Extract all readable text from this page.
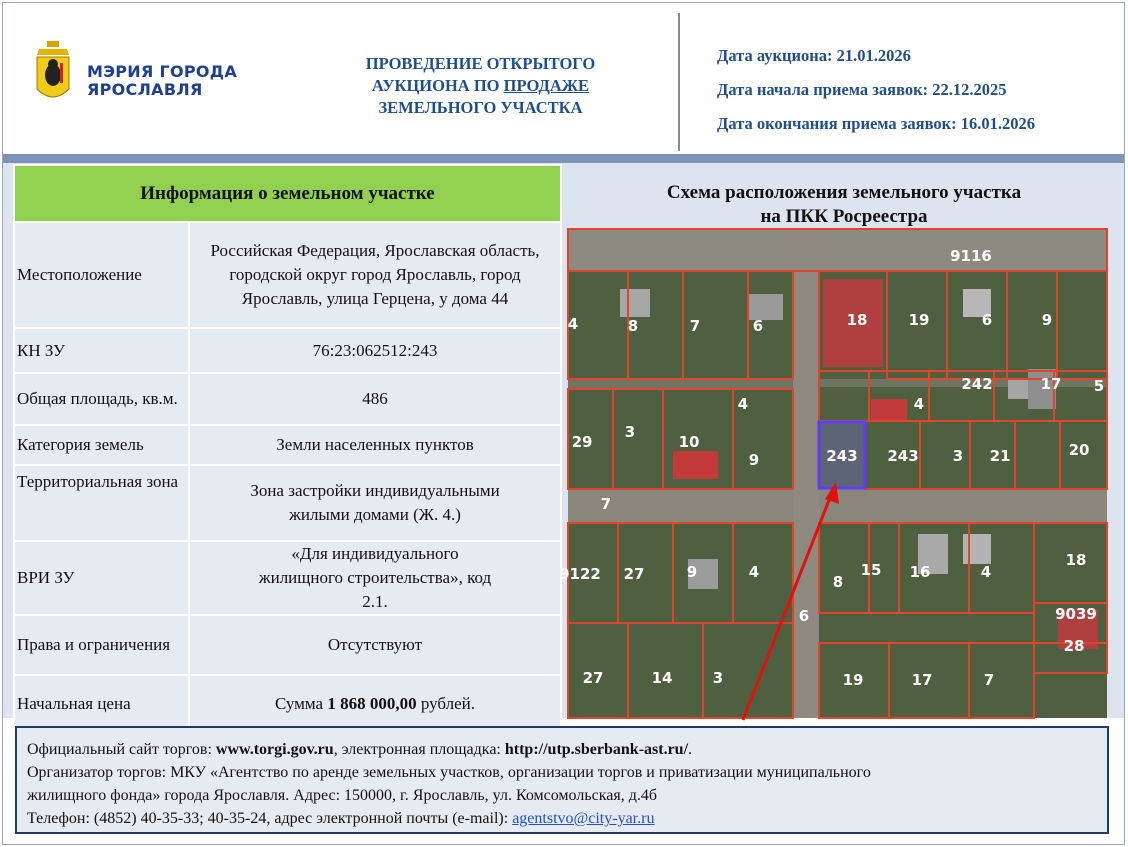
МЭРИЯ ГОРОДА
ЯРОСЛАВЛЯ
ПРОВЕДЕНИЕ ОТКРЫТОГО
АУКЦИОНА ПО ПРОДАЖЕ
ЗЕМЕЛЬНОГО УЧАСТКА
Дата аукциона: 21.01.2026
Дата начала приема заявок: 22.12.2025
Дата окончания приема заявок: 16.01.2026
Информация о земельном участке	
Местоположение	Российская Федерация, Ярославская область, городской округ город Ярославль, город Ярославль, улица Герцена, у дома 44
КН ЗУ	76:23:062512:243
Общая площадь, кв.м.	486
Категория земель	Земли населенных пунктов
Территориальная зона	Зона застройки индивидуальными жилыми домами (Ж. 4.)
ВРИ ЗУ	«Для индивидуального жилищного строительства», код 2.1.
Права и ограничения	Отсутствуют
Начальная цена	Сумма 1 868 000,00 рублей.
Схема расположения земельного участка
на ПКК Росреестра
9116
4	8	7	6	18	19	6	9
242	17 5
4
4
29
3
10
9	243 3 21	20
7
9122 27	9	4
8
15 16	4
18
6	9039
28
27	14	3	19	17	7
243
Официальный сайт торгов: www.torgi.gov.ru, электронная площадка: http://utp.sberbank-ast.ru/.
Организатор торгов: МКУ «Агентство по аренде земельных участков, организации торгов и приватизации муниципального
жилищного фонда» города Ярославля. Адрес: 150000, г. Ярославль, ул. Комсомольская, д.4б
Телефон: (4852) 40-35-33; 40-35-24, адрес электронной почты (e-mail): agentstvo@city-yar.ru
